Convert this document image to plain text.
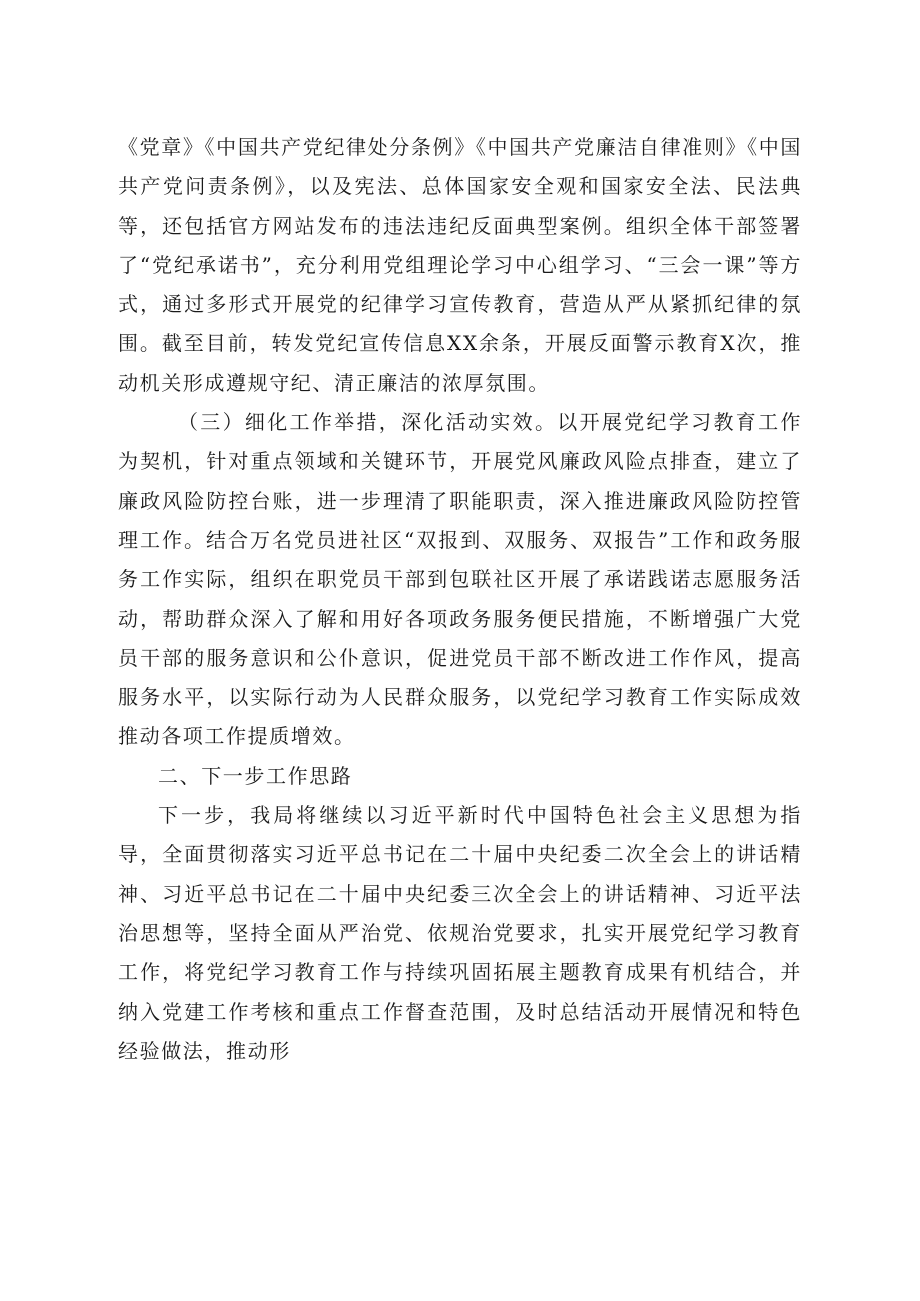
《党章》《中国共产党纪律处分条例》《中国共产党廉洁自律准则》《中国共产党问责条例》，以及宪法、总体国家安全观和国家安全法、民法典等，还包括官方网站发布的违法违纪反面典型案例。组织全体干部签署了“党纪承诺书”，充分利用党组理论学习中心组学习、“三会一课”等方式，通过多形式开展党的纪律学习宣传教育，营造从严从紧抓纪律的氛围。截至目前，转发党纪宣传信息XX余条，开展反面警示教育X次，推动机关形成遵规守纪、清正廉洁的浓厚氛围。

（三）细化工作举措，深化活动实效。以开展党纪学习教育工作为契机，针对重点领域和关键环节，开展党风廉政风险点排查，建立了廉政风险防控台账，进一步理清了职能职责，深入推进廉政风险防控管理工作。结合万名党员进社区“双报到、双服务、双报告”工作和政务服务工作实际，组织在职党员干部到包联社区开展了承诺践诺志愿服务活动，帮助群众深入了解和用好各项政务服务便民措施，不断增强广大党员干部的服务意识和公仆意识，促进党员干部不断改进工作作风，提高服务水平，以实际行动为人民群众服务，以党纪学习教育工作实际成效推动各项工作提质增效。

二、下一步工作思路

下一步，我局将继续以习近平新时代中国特色社会主义思想为指导，全面贯彻落实习近平总书记在二十届中央纪委二次全会上的讲话精神、习近平总书记在二十届中央纪委三次全会上的讲话精神、习近平法治思想等，坚持全面从严治党、依规治党要求，扎实开展党纪学习教育工作，将党纪学习教育工作与持续巩固拓展主题教育成果有机结合，并纳入党建工作考核和重点工作督查范围，及时总结活动开展情况和特色经验做法，推动形
